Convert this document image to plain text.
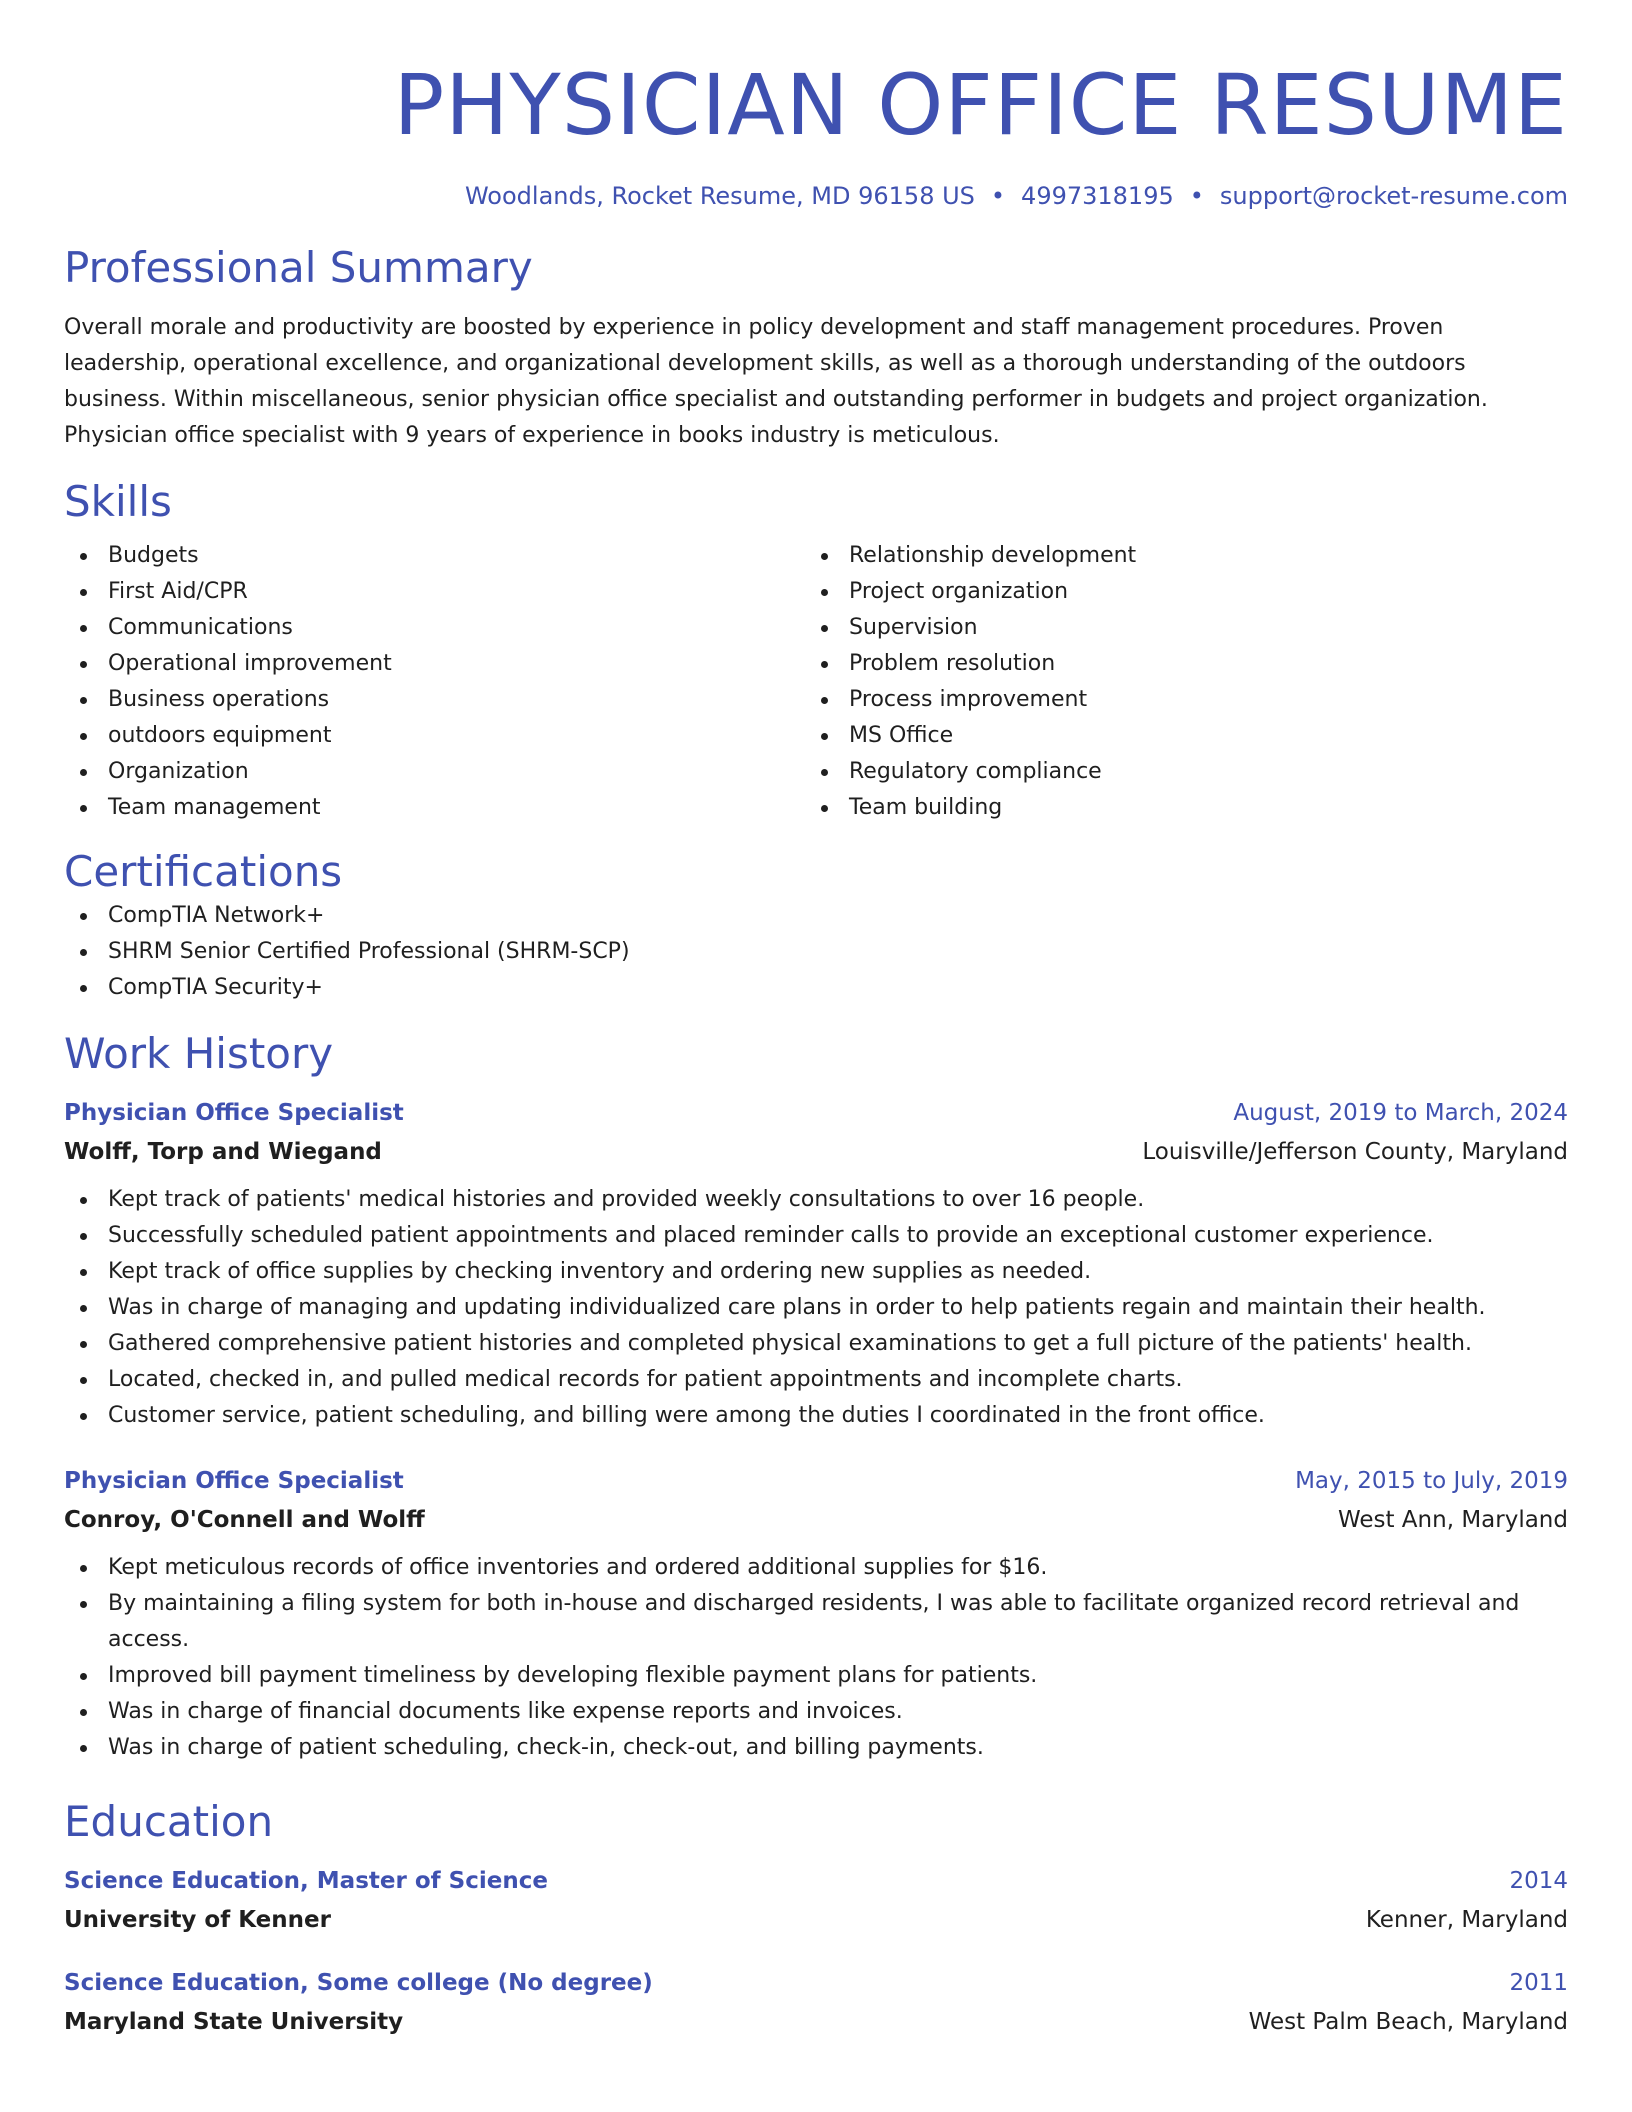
PHYSICIAN OFFICE RESUME
Woodlands, Rocket Resume, MD 96158 US • 4997318195 • support@rocket-resume.com
Professional Summary
Overall morale and productivity are boosted by experience in policy development and staff management procedures. Proven leadership, operational excellence, and organizational development skills, as well as a thorough understanding of the outdoors business. Within miscellaneous, senior physician office specialist and outstanding performer in budgets and project organization. Physician office specialist with 9 years of experience in books industry is meticulous.
Skills
Budgets
First Aid/CPR
Communications
Operational improvement
Business operations
outdoors equipment
Organization
Team management
Relationship development
Project organization
Supervision
Problem resolution
Process improvement
MS Office
Regulatory compliance
Team building
Certifications
CompTIA Network+
SHRM Senior Certified Professional (SHRM-SCP)
CompTIA Security+
Work History
Physician Office Specialist	August, 2019 to March, 2024
Wolff, Torp and Wiegand	Louisville/Jefferson County, Maryland
Kept track of patients' medical histories and provided weekly consultations to over 16 people.
Successfully scheduled patient appointments and placed reminder calls to provide an exceptional customer experience.
Kept track of office supplies by checking inventory and ordering new supplies as needed.
Was in charge of managing and updating individualized care plans in order to help patients regain and maintain their health.
Gathered comprehensive patient histories and completed physical examinations to get a full picture of the patients' health.
Located, checked in, and pulled medical records for patient appointments and incomplete charts.
Customer service, patient scheduling, and billing were among the duties I coordinated in the front office.
Physician Office Specialist	May, 2015 to July, 2019
Conroy, O'Connell and Wolff	West Ann, Maryland
Kept meticulous records of office inventories and ordered additional supplies for $16.
By maintaining a filing system for both in-house and discharged residents, I was able to facilitate organized record retrieval and access.
Improved bill payment timeliness by developing flexible payment plans for patients.
Was in charge of financial documents like expense reports and invoices.
Was in charge of patient scheduling, check-in, check-out, and billing payments.
Education
Science Education, Master of Science	2014
University of Kenner	Kenner, Maryland
Science Education, Some college (No degree)	2011
Maryland State University	West Palm Beach, Maryland
